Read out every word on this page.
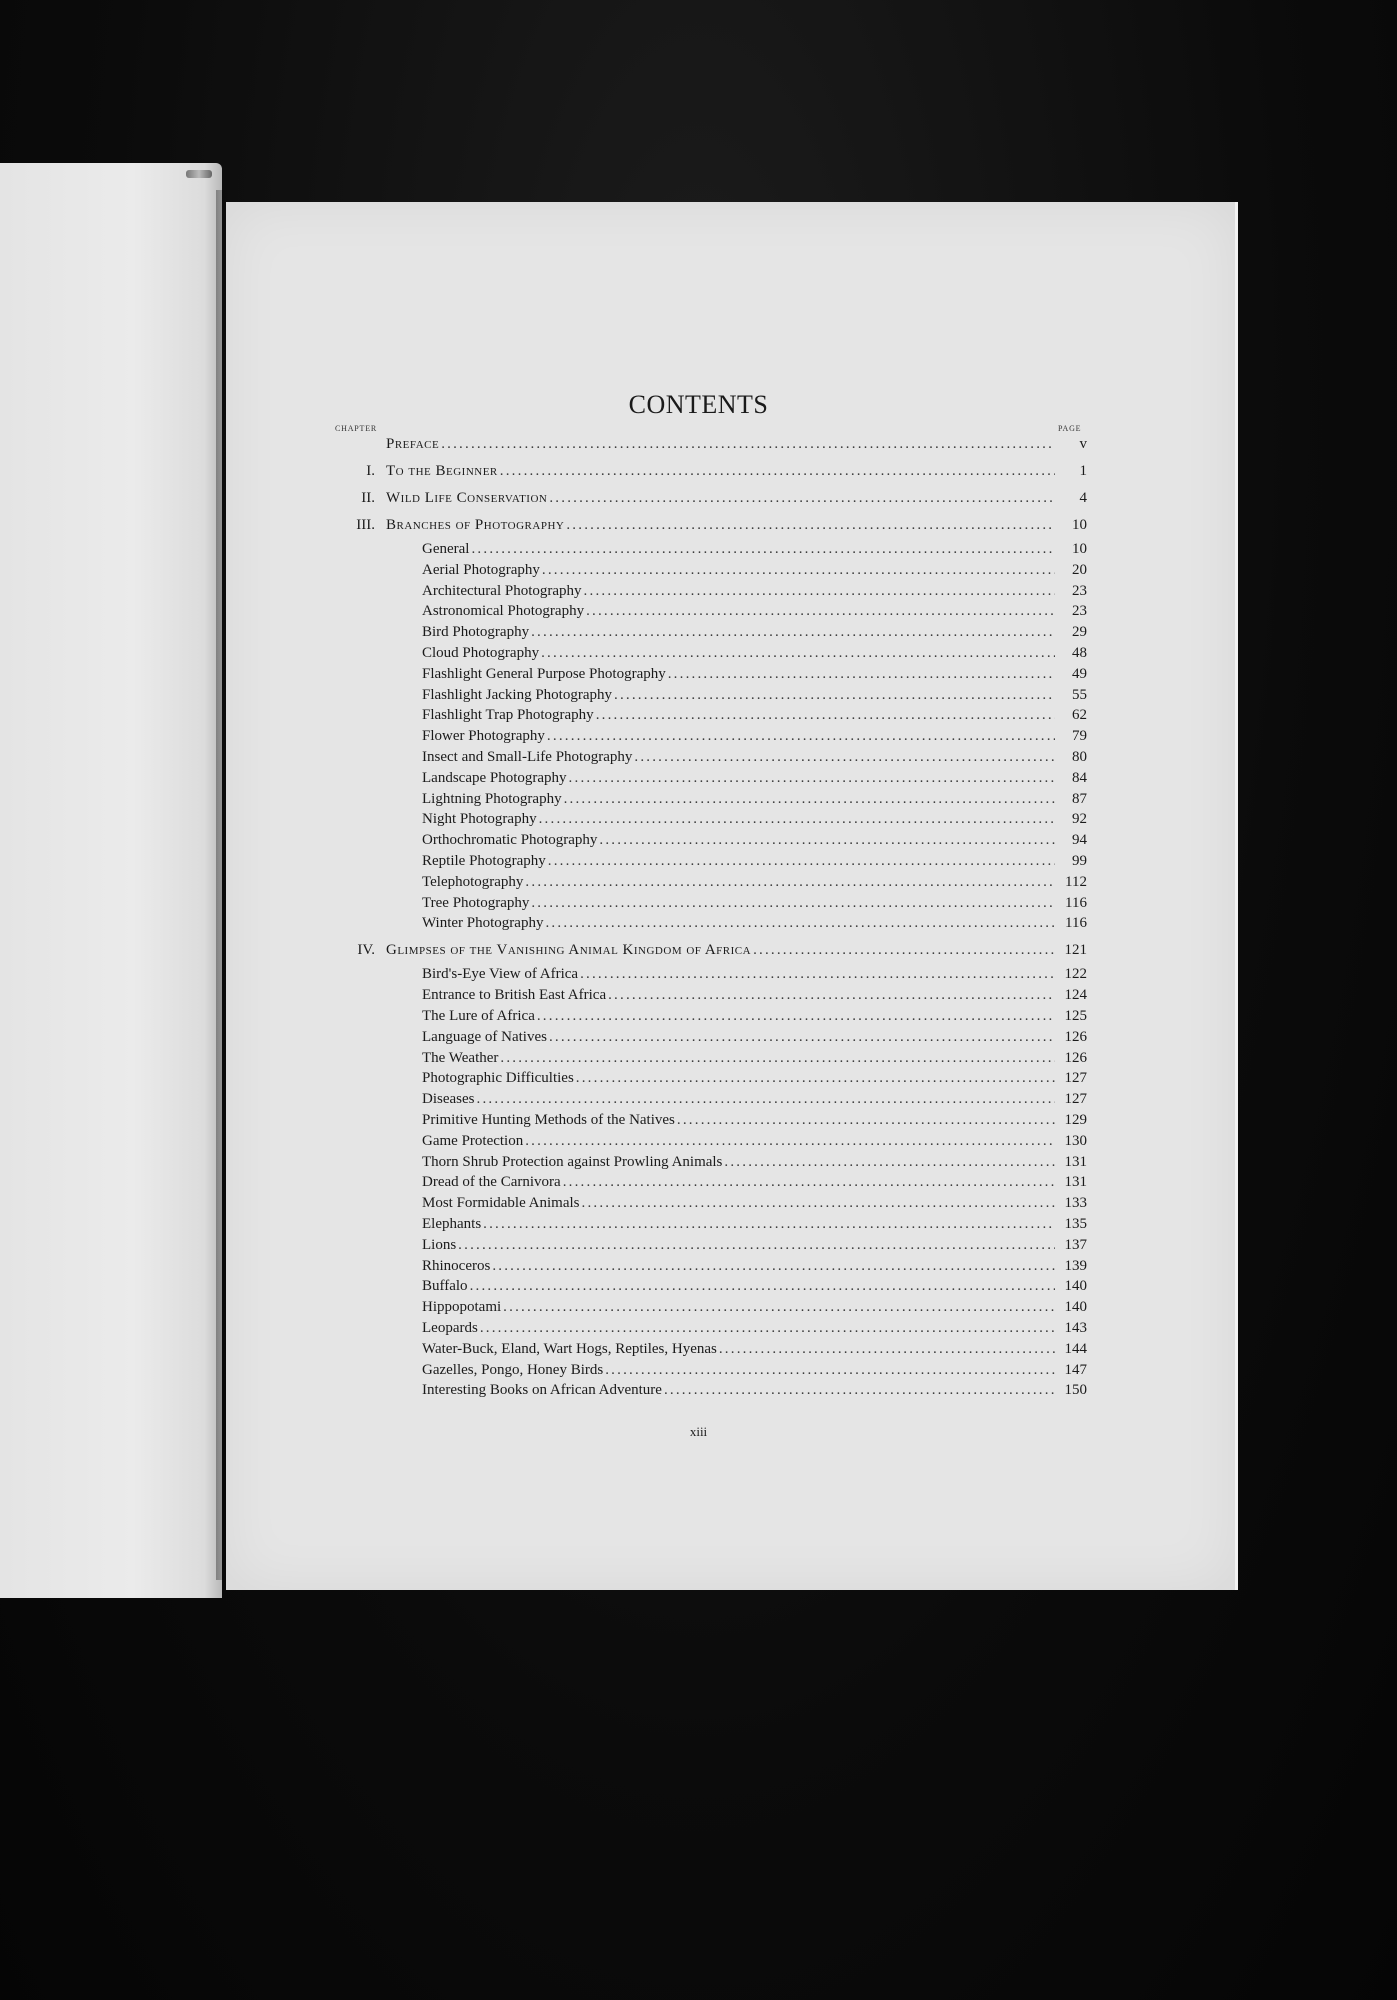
CONTENTS
CHAPTER	PAGE
Preface .....	v
I. To the Beginner .....	1
II. Wild Life Conservation .....	4
III. Branches of Photography .....	10
General .....	10
Aerial Photography .....	20
Architectural Photography .....	23
Astronomical Photography .....	23
Bird Photography .....	29
Cloud Photography .....	48
Flashlight General Purpose Photography .....	49
Flashlight Jacking Photography .....	55
Flashlight Trap Photography .....	62
Flower Photography .....	79
Insect and Small-Life Photography .....	80
Landscape Photography .....	84
Lightning Photography .....	87
Night Photography .....	92
Orthochromatic Photography .....	94
Reptile Photography .....	99
Telephotography .....	112
Tree Photography .....	116
Winter Photography .....	116
IV. Glimpses of the Vanishing Animal Kingdom of Africa .....	121
Bird's-Eye View of Africa .....	122
Entrance to British East Africa .....	124
The Lure of Africa .....	125
Language of Natives .....	126
The Weather .....	126
Photographic Difficulties .....	127
Diseases .....	127
Primitive Hunting Methods of the Natives .....	129
Game Protection .....	130
Thorn Shrub Protection against Prowling Animals .....	131
Dread of the Carnivora .....	131
Most Formidable Animals .....	133
Elephants .....	135
Lions .....	137
Rhinoceros .....	139
Buffalo .....	140
Hippopotami .....	140
Leopards .....	143
Water-Buck, Eland, Wart Hogs, Reptiles, Hyenas .....	144
Gazelles, Pongo, Honey Birds .....	147
Interesting Books on African Adventure .....	150
xiii
